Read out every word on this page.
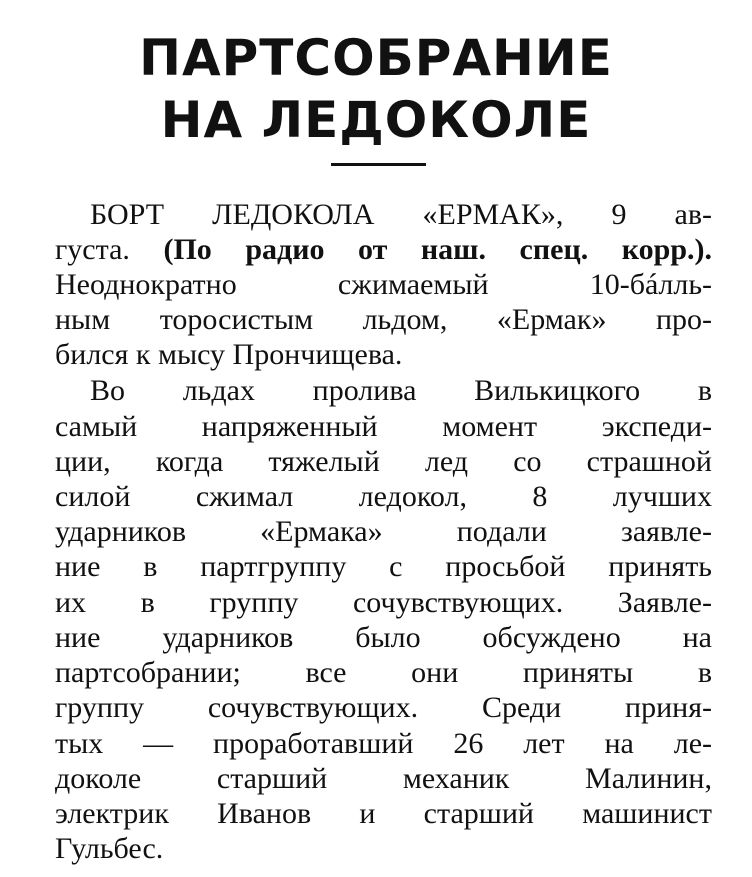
ПАРТСОБРАНИЕ
НА ЛЕДОКОЛЕ
БОРТ ЛЕДОКОЛА «ЕРМАК», 9 ав-
густа. (По радио от наш. спец. корр.).
Неоднократно сжимаемый 10-бáлль-
ным торосистым льдом, «Ермак» про-
бился к мысу Прончищева.
Во льдах пролива Вилькицкого в
самый напряженный момент экспеди-
ции, когда тяжелый лед со страшной
силой сжимал ледокол, 8 лучших
ударников «Ермака» подали заявле-
ние в партгруппу с просьбой принять
их в группу сочувствующих. Заявле-
ние ударников было обсуждено на
партсобрании; все они приняты в
группу сочувствующих. Среди приня-
тых — проработавший 26 лет на ле-
доколе старший механик Малинин,
электрик Иванов и старший машинист
Гульбес.
